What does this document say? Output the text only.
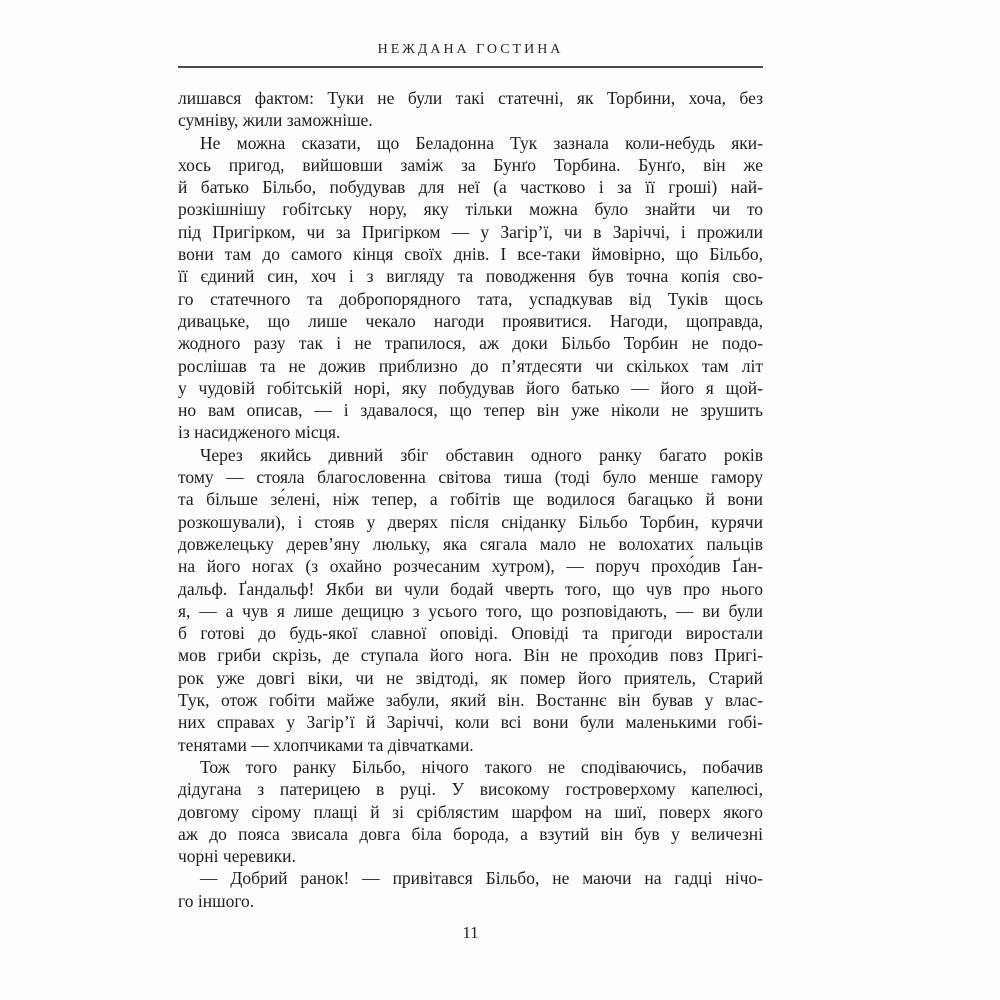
НЕЖДАНА ГОСТИНА
лишався фактом: Туки не були такі статечні, як Торбини, хоча, без
сумніву, жили заможніше.
Не можна сказати, що Беладонна Тук зазнала коли-небудь яки-
хось пригод, вийшовши заміж за Бунґо Торбина. Бунґо, він же
й батько Більбо, побудував для неї (а частково і за її гроші) най-
розкішнішу гобітську нору, яку тільки можна було знайти чи то
під Пригірком, чи за Пригірком — у Загір’ї, чи в Заріччі, і прожили
вони там до самого кінця своїх днів. І все-таки ймовірно, що Більбо,
її єдиний син, хоч і з вигляду та поводження був точна копія сво-
го статечного та добропорядного тата, успадкував від Туків щось
дивацьке, що лише чекало нагоди проявитися. Нагоди, щоправда,
жодного разу так і не трапилося, аж доки Більбо Торбин не подо-
рослішав та не дожив приблизно до п’ятдесяти чи скількох там літ
у чудовій гобітській норі, яку побудував його батько — його я щой-
но вам описав, — і здавалося, що тепер він уже ніколи не зрушить
із насидженого місця.
Через якийсь дивний збіг обставин одного ранку багато років
тому — стояла благословенна світова тиша (тоді було менше гамору
та більше зе́лені, ніж тепер, а гобітів ще водилося багацько й вони
розкошували), і стояв у дверях після сніданку Більбо Торбин, курячи
довжелецьку дерев’яну люльку, яка сягала мало не волохатих пальців
на його ногах (з охайно розчесаним хутром), — поруч прохо́див Ґан-
дальф. Ґандальф! Якби ви чули бодай чверть того, що чув про нього
я, — а чув я лише дещицю з усього того, що розповідають, — ви були
б готові до будь-якої славної оповіді. Оповіді та пригоди виростали
мов гриби скрізь, де ступала його нога. Він не прохо́див повз Пригі-
рок уже довгі віки, чи не звідтоді, як помер його приятель, Старий
Тук, отож гобіти майже забули, який він. Востаннє він бував у влас-
них справах у Загір’ї й Заріччі, коли всі вони були маленькими гобі-
тенятами — хлопчиками та дівчатками.
Тож того ранку Більбо, нічого такого не сподіваючись, побачив
дідугана з патерицею в руці. У високому гостроверхому капелюсі,
довгому сірому плащі й зі сріблястим шарфом на шиї, поверх якого
аж до пояса звисала довга біла борода, а взутий він був у величезні
чорні черевики.
— Добрий ранок! — привітався Більбо, не маючи на гадці нічо-
го іншого.
11
